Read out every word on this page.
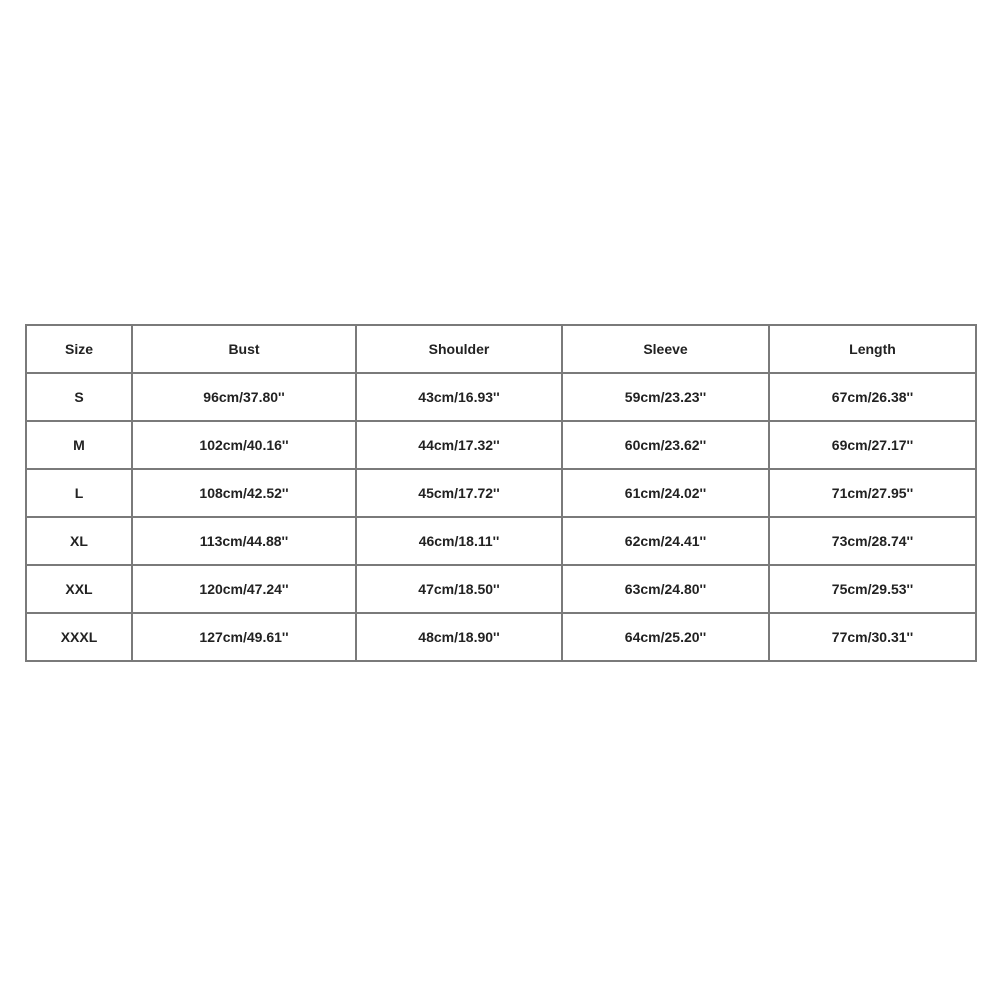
Size	Bust	Shoulder	Sleeve	Length
S	96cm/37.80''	43cm/16.93''	59cm/23.23''	67cm/26.38''
M	102cm/40.16''	44cm/17.32''	60cm/23.62''	69cm/27.17''
L	108cm/42.52''	45cm/17.72''	61cm/24.02''	71cm/27.95''
XL	113cm/44.88''	46cm/18.11''	62cm/24.41''	73cm/28.74''
XXL	120cm/47.24''	47cm/18.50''	63cm/24.80''	75cm/29.53''
XXXL	127cm/49.61''	48cm/18.90''	64cm/25.20''	77cm/30.31''
